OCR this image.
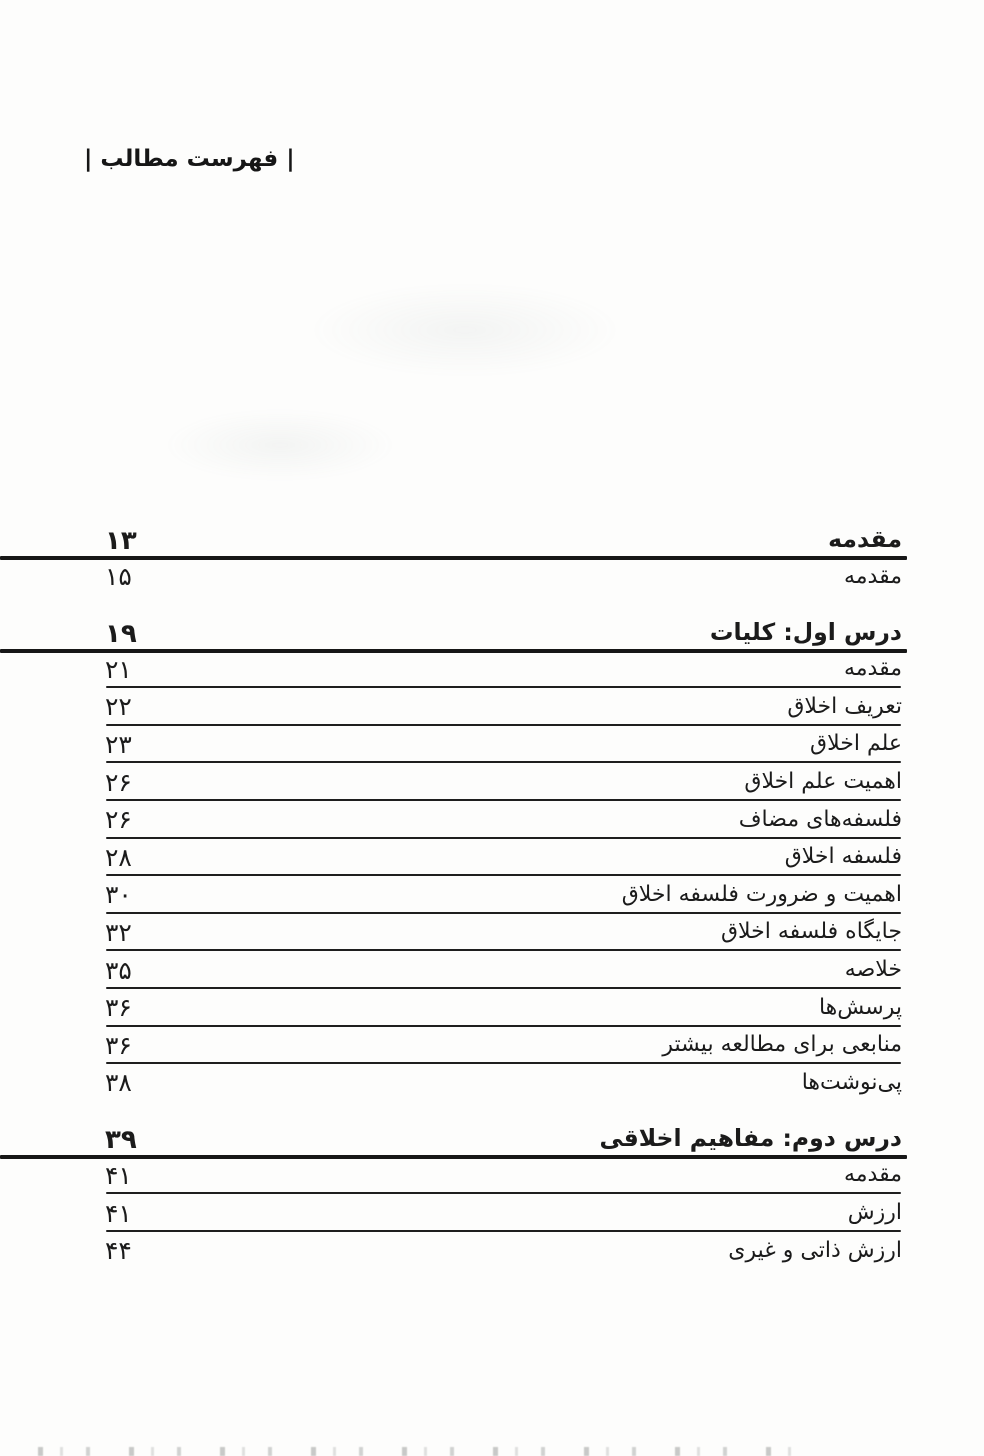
| فهرست مطالب |
مقدمه
۱۳
مقدمه
۱۵
درس اول: کلیات
۱۹
مقدمه
۲۱
تعریف اخلاق
۲۲
علم اخلاق
۲۳
اهمیت علم اخلاق
۲۶
فلسفه‌های مضاف
۲۶
فلسفه اخلاق
۲۸
اهمیت و ضرورت فلسفه اخلاق
۳۰
جایگاه فلسفه اخلاق
۳۲
خلاصه
۳۵
پرسش‌ها
۳۶
منابعی برای مطالعه بیشتر
۳۶
پی‌نوشت‌ها
۳۸
درس دوم: مفاهیم اخلاقی
۳۹
مقدمه
۴۱
ارزش
۴۱
ارزش ذاتی و غیری
۴۴
